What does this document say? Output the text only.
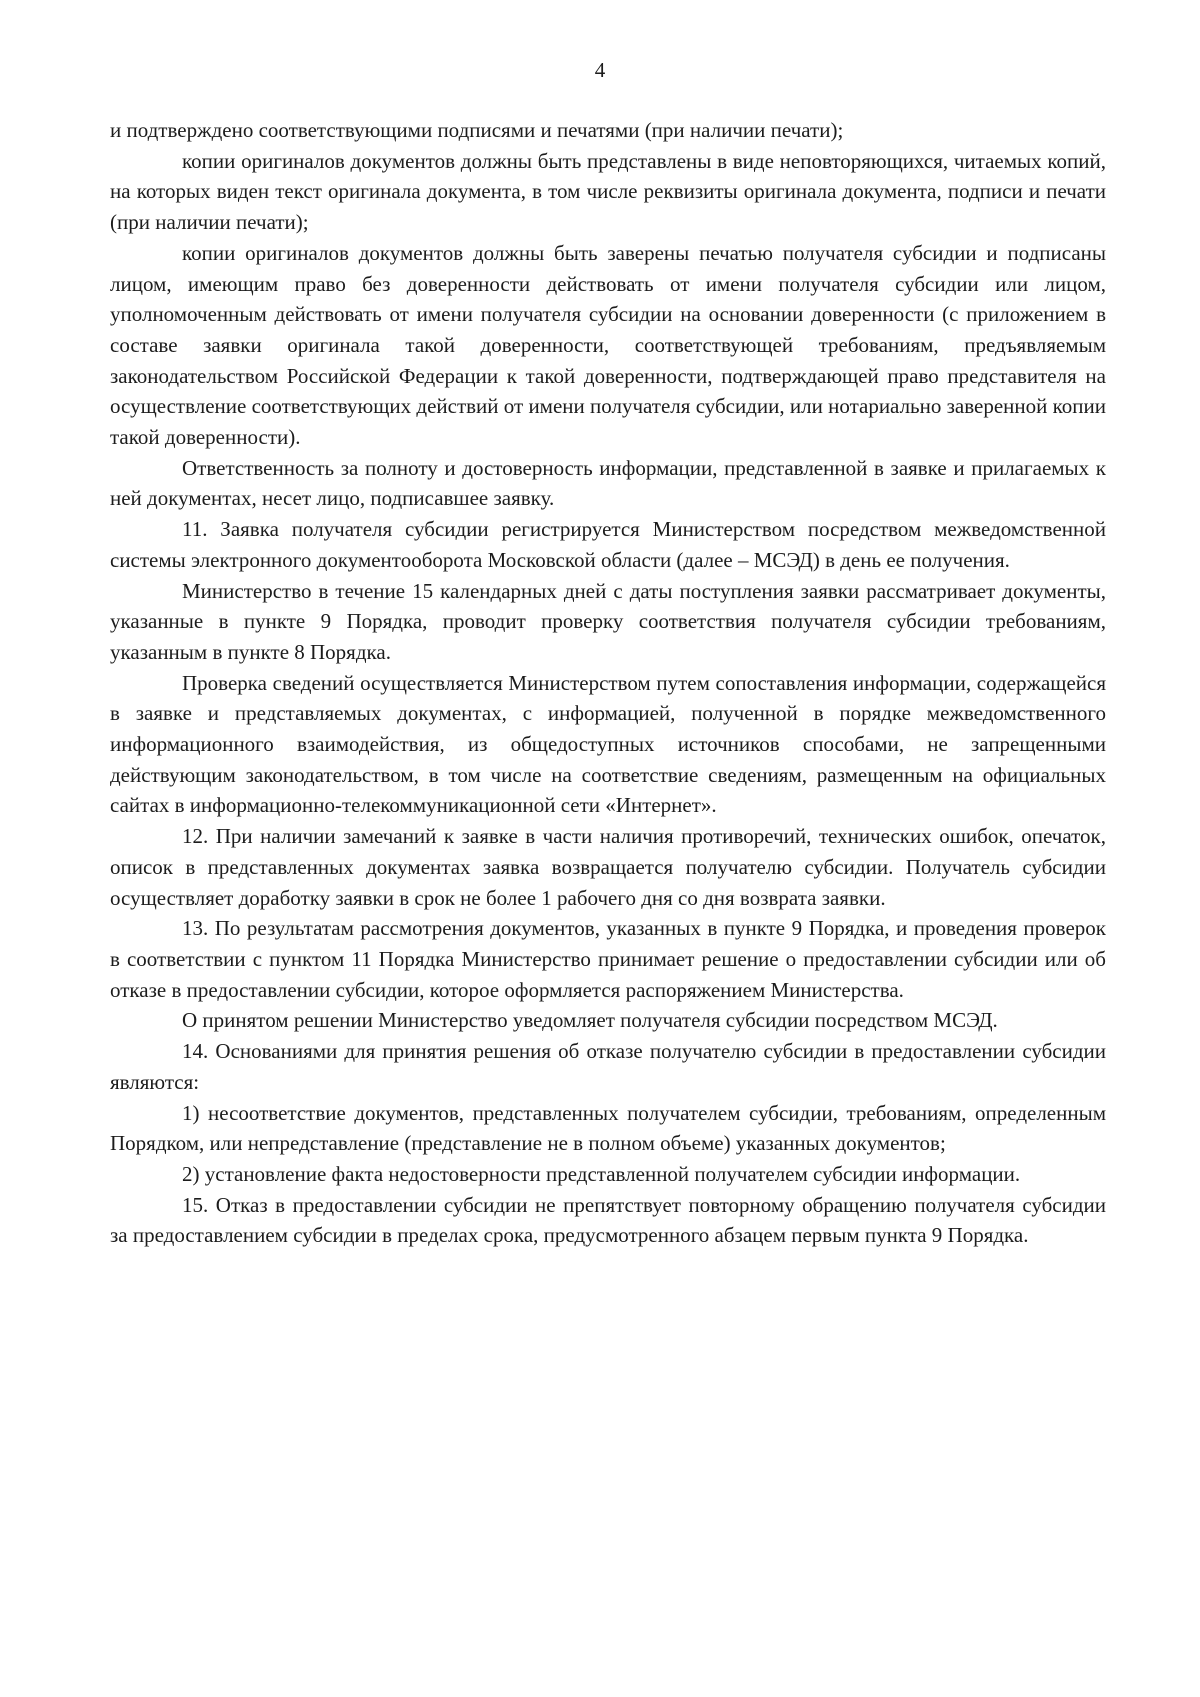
4

и подтверждено соответствующими подписями и печатями (при наличии печати);

копии оригиналов документов должны быть представлены в виде неповторяющихся, читаемых копий, на которых виден текст оригинала документа, в том числе реквизиты оригинала документа, подписи и печати (при наличии печати);

копии оригиналов документов должны быть заверены печатью получателя субсидии и подписаны лицом, имеющим право без доверенности действовать от имени получателя субсидии или лицом, уполномоченным действовать от имени получателя субсидии на основании доверенности (с приложением в составе заявки оригинала такой доверенности, соответствующей требованиям, предъявляемым законодательством Российской Федерации к такой доверенности, подтверждающей право представителя на осуществление соответствующих действий от имени получателя субсидии, или нотариально заверенной копии такой доверенности).

Ответственность за полноту и достоверность информации, представленной в заявке и прилагаемых к ней документах, несет лицо, подписавшее заявку.

11. Заявка получателя субсидии регистрируется Министерством посредством межведомственной системы электронного документооборота Московской области (далее – МСЭД) в день ее получения.

Министерство в течение 15 календарных дней с даты поступления заявки рассматривает документы, указанные в пункте 9 Порядка, проводит проверку соответствия получателя субсидии требованиям, указанным в пункте 8 Порядка.

Проверка сведений осуществляется Министерством путем сопоставления информации, содержащейся в заявке и представляемых документах, с информацией, полученной в порядке межведомственного информационного взаимодействия, из общедоступных источников способами, не запрещенными действующим законодательством, в том числе на соответствие сведениям, размещенным на официальных сайтах в информационно-телекоммуникационной сети «Интернет».

12. При наличии замечаний к заявке в части наличия противоречий, технических ошибок, опечаток, описок в представленных документах заявка возвращается получателю субсидии. Получатель субсидии осуществляет доработку заявки в срок не более 1 рабочего дня со дня возврата заявки.

13. По результатам рассмотрения документов, указанных в пункте 9 Порядка, и проведения проверок в соответствии с пунктом 11 Порядка Министерство принимает решение о предоставлении субсидии или об отказе в предоставлении субсидии, которое оформляется распоряжением Министерства.

О принятом решении Министерство уведомляет получателя субсидии посредством МСЭД.

14. Основаниями для принятия решения об отказе получателю субсидии в предоставлении субсидии являются:

1) несоответствие документов, представленных получателем субсидии, требованиям, определенным Порядком, или непредставление (представление не в полном объеме) указанных документов;

2) установление факта недостоверности представленной получателем субсидии информации.

15. Отказ в предоставлении субсидии не препятствует повторному обращению получателя субсидии за предоставлением субсидии в пределах срока, предусмотренного абзацем первым пункта 9 Порядка.
